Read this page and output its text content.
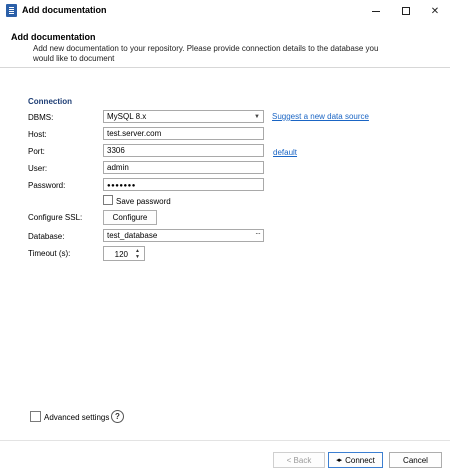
Add documentation	✕
Add documentation
Add new documentation to your repository. Please provide connection details to the database you would like to document
Connection
DBMS:	MySQL 8.x	▼ Suggest a new data source
Host:	test.server.com
Port:	3306	default
User:	admin
Password:	●●●●●●●
Save password
Configure SSL:	Configure
Database:	test_database	···
Timeout (s):	120	▲
▼
Advanced settings ?
< Back	◂▸ Connect	Cancel
